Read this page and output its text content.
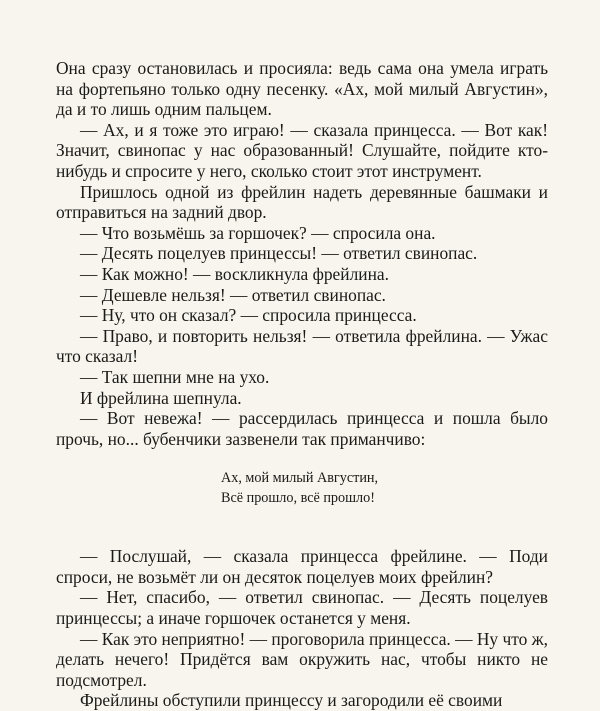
Она сразу остановилась и просияла: ведь сама она умела играть на фортепьяно только одну песенку. «Ах, мой милый Августин», да и то лишь одним пальцем.

— Ах, и я тоже это играю! — сказала принцесса. — Вот как! Значит, свинопас у нас образованный! Слушайте, пойдите кто-нибудь и спросите у него, сколько стоит этот инструмент.

Пришлось одной из фрейлин надеть деревянные башмаки и отправиться на задний двор.

— Что возьмёшь за горшочек? — спросила она.

— Десять поцелуев принцессы! — ответил свинопас.

— Как можно! — воскликнула фрейлина.

— Дешевле нельзя! — ответил свинопас.

— Ну, что он сказал? — спросила принцесса.

— Право, и повторить нельзя! — ответила фрейлина. — Ужас что сказал!

— Так шепни мне на ухо.

И фрейлина шепнула.

— Вот невежа! — рассердилась принцесса и пошла было прочь, но... бубенчики зазвенели так приманчиво:

Ах, мой милый Августин,
Всё прошло, всё прошло!

— Послушай, — сказала принцесса фрейлине. — Поди спроси, не возьмёт ли он десяток поцелуев моих фрейлин?

— Нет, спасибо, — ответил свинопас. — Десять поцелуев принцессы; а иначе горшочек останется у меня.

— Как это неприятно! — проговорила принцесса. — Ну что ж, делать нечего! Придётся вам окружить нас, чтобы никто не подсмотрел.

Фрейлины обступили принцессу и загородили её своими
